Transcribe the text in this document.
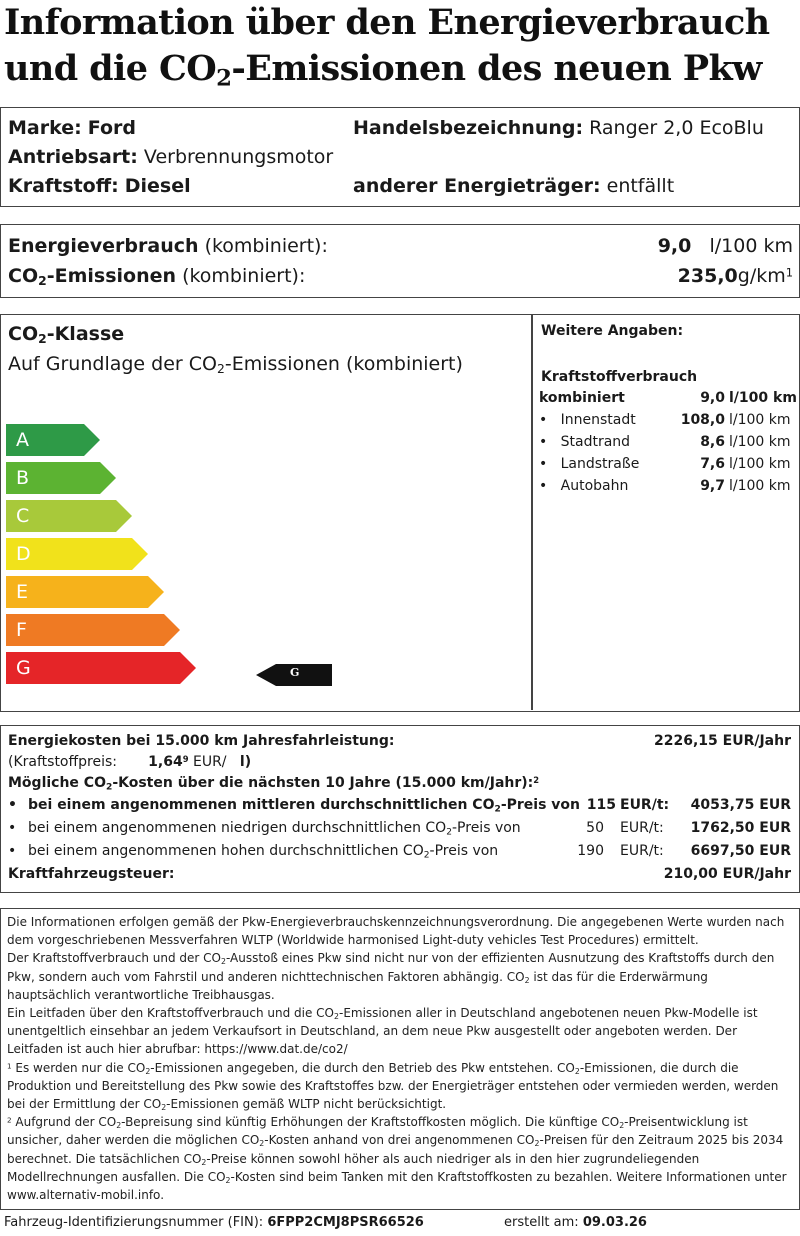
Information über den Energieverbrauch
und die $CO_2$-Emissionen des neuen Pkw
Marke: Ford	Handelsbezeichnung: Ranger 2,0 EcoBlu
Antriebsart: Verbrennungsmotor
Kraftstoff: Diesel	anderer Energieträger: entfällt
Energieverbrauch (kombiniert):	9,0 l/100 km
$CO_2$-Emissionen (kombiniert):	$235,0g/km^1$
$CO_2$-Klasse
Auf Grundlage der $CO_2$-Emissionen (kombiniert)
Weitere Angaben:
Kraftstoffverbrauch
kombiniert	9,0 l/100 km
• Innenstadt	108,0 l/100 km
• Stadtrand	8,6 l/100 km
• Landstraße	7,6 l/100 km
• Autobahn	9,7 l/100 km
A
B
C
D
E
F
G	G
Energiekosten bei 15.000 km Jahresfahrleistung:	2226,15 EUR/Jahr
(Kraftstoffpreis: 1,64$^9$ EUR/ l)
Mögliche $CO_2$-Kosten über die nächsten 10 Jahre (15.000 km/Jahr):$^2$
• bei einem angenommenen mittleren durchschnittlichen $CO_2$-Preis von 115 EUR/t: 4053,75 EUR
• bei einem angenommenen niedrigen durchschnittlichen $CO_2$-Preis von	50 EUR/t: 1762,50 EUR
• bei einem angenommenen hohen durchschnittlichen $CO_2$-Preis von	190 EUR/t: 6697,50 EUR
Kraftfahrzeugsteuer:	210,00 EUR/Jahr

Die Informationen erfolgen gemäß der Pkw-Energieverbrauchskennzeichnungsverordnung. Die angegebenen Werte wurden nach dem vorgeschriebenen Messverfahren WLTP (Worldwide harmonised Light-duty vehicles Test Procedures) ermittelt.

Der Kraftstoffverbrauch und der $CO_2$-Ausstoß eines Pkw sind nicht nur von der effizienten Ausnutzung des Kraftstoffs durch den Pkw, sondern auch vom Fahrstil und anderen nichttechnischen Faktoren abhängig. $CO_2$ ist das für die Erderwärmung hauptsächlich verantwortliche Treibhausgas.

Ein Leitfaden über den Kraftstoffverbrauch und die $CO_2$-Emissionen aller in Deutschland angebotenen neuen Pkw-Modelle ist unentgeltlich einsehbar an jedem Verkaufsort in Deutschland, an dem neue Pkw ausgestellt oder angeboten werden. Der Leitfaden ist auch hier abrufbar: https://www.dat.de/co2/

$^1$ Es werden nur die $CO_2$-Emissionen angegeben, die durch den Betrieb des Pkw entstehen. $CO_2$-Emissionen, die durch die Produktion und Bereitstellung des Pkw sowie des Kraftstoffes bzw. der Energieträger entstehen oder vermieden werden, werden bei der Ermittlung der $CO_2$-Emissionen gemäß WLTP nicht berücksichtigt.

$^2$ Aufgrund der $CO_2$-Bepreisung sind künftig Erhöhungen der Kraftstoffkosten möglich. Die künftige $CO_2$-Preisentwicklung ist unsicher, daher werden die möglichen $CO_2$-Kosten anhand von drei angenommenen $CO_2$-Preisen für den Zeitraum 2025 bis 2034 berechnet. Die tatsächlichen $CO_2$-Preise können sowohl höher als auch niedriger als in den hier zugrundeliegenden Modellrechnungen ausfallen. Die $CO_2$-Kosten sind beim Tanken mit den Kraftstoffkosten zu bezahlen. Weitere Informationen unter www.alternativ-mobil.info.

Fahrzeug-Identifizierungsnummer (FIN): 6FPP2CMJ8PSR66526	erstellt am: 09.03.26
